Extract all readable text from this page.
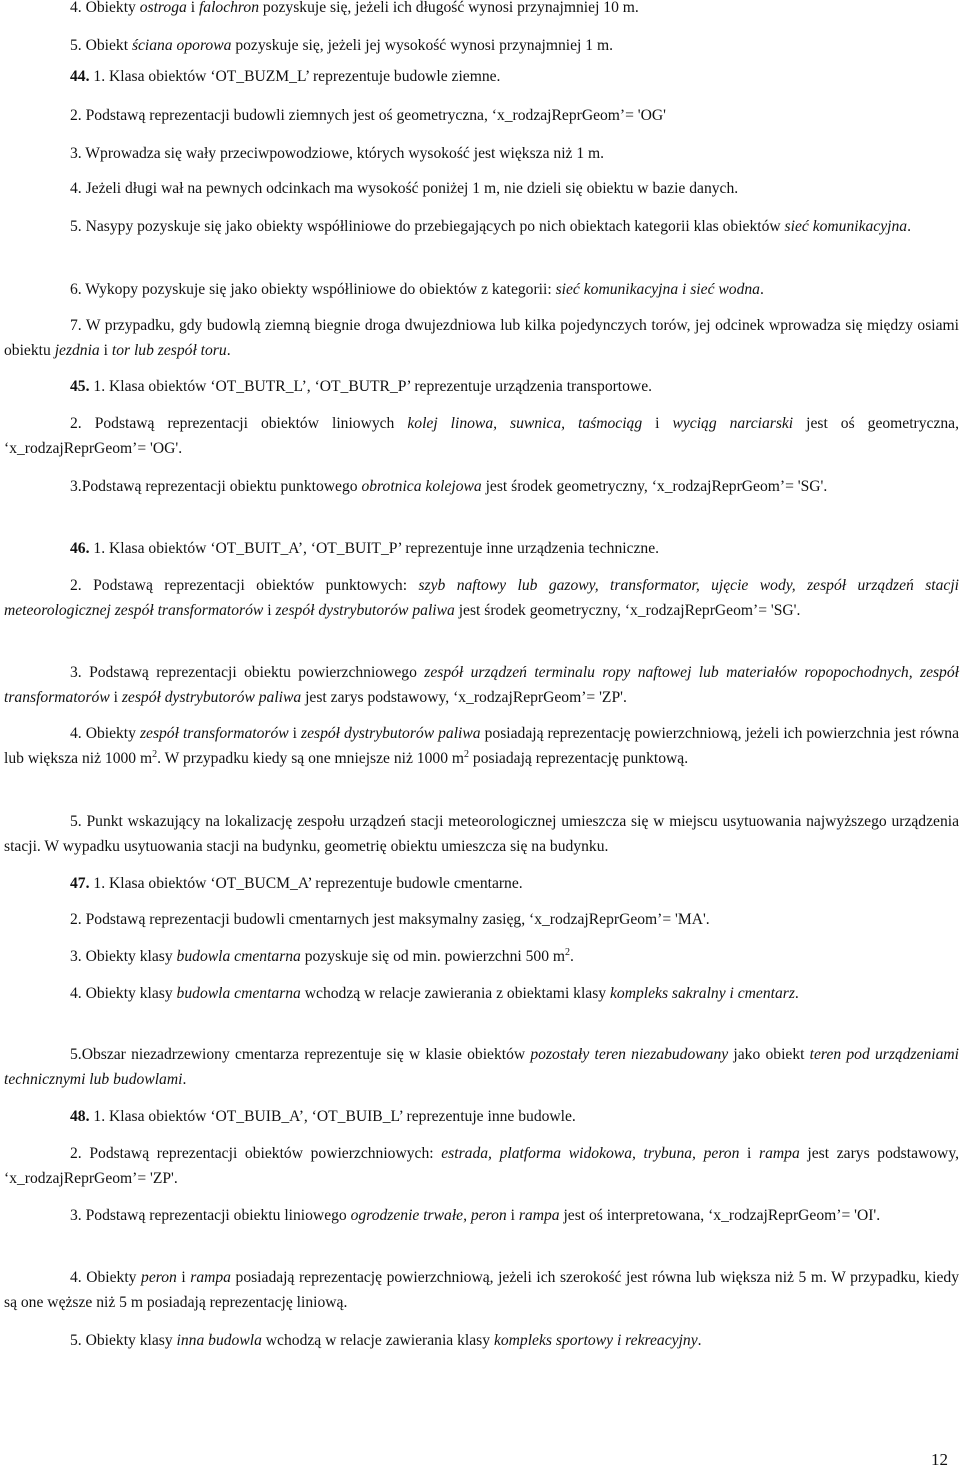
4. Obiekty ostroga i falochron pozyskuje się, jeżeli ich długość wynosi przynajmniej 10 m.

5. Obiekt ściana oporowa pozyskuje się, jeżeli jej wysokość wynosi przynajmniej 1 m.

44. 1. Klasa obiektów ‘OT_BUZM_L’ reprezentuje budowle ziemne.

2. Podstawą reprezentacji budowli ziemnych jest oś geometryczna, ‘x_rodzajReprGeom’= 'OG'

3. Wprowadza się wały przeciwpowodziowe, których wysokość jest większa niż 1 m.

4. Jeżeli długi wał na pewnych odcinkach ma wysokość poniżej 1 m, nie dzieli się obiektu w bazie danych.

5. Nasypy pozyskuje się jako obiekty współliniowe do przebiegających po nich obiektach kategorii klas obiektów sieć komunikacyjna.

6. Wykopy pozyskuje się jako obiekty współliniowe do obiektów z kategorii: sieć komunikacyjna i sieć wodna.

7. W przypadku, gdy budowlą ziemną biegnie droga dwujezdniowa lub kilka pojedynczych torów, jej odcinek wprowadza się między osiami obiektu jezdnia i tor lub zespół toru.

45. 1. Klasa obiektów ‘OT_BUTR_L’, ‘OT_BUTR_P’ reprezentuje urządzenia transportowe.

2. Podstawą reprezentacji obiektów liniowych kolej linowa, suwnica, taśmociąg i wyciąg narciarski jest oś geometryczna, ‘x_rodzajReprGeom’= 'OG'.

3.Podstawą reprezentacji obiektu punktowego obrotnica kolejowa jest środek geometryczny, ‘x_rodzajReprGeom’= 'SG'.

46. 1. Klasa obiektów ‘OT_BUIT_A’, ‘OT_BUIT_P’ reprezentuje inne urządzenia techniczne.

2. Podstawą reprezentacji obiektów punktowych: szyb naftowy lub gazowy, transformator, ujęcie wody, zespół urządzeń stacji meteorologicznej zespół transformatorów i zespół dystrybutorów paliwa jest środek geometryczny, ‘x_rodzajReprGeom’= 'SG'.

3. Podstawą reprezentacji obiektu powierzchniowego zespół urządzeń terminalu ropy naftowej lub materiałów ropopochodnych, zespół transformatorów i zespół dystrybutorów paliwa jest zarys podstawowy, ‘x_rodzajReprGeom’= 'ZP'.

4. Obiekty zespół transformatorów i zespół dystrybutorów paliwa posiadają reprezentację powierzchniową, jeżeli ich powierzchnia jest równa lub większa niż 1000 $m^2$. W przypadku kiedy są one mniejsze niż 1000 $m^2$ posiadają reprezentację punktową.

5. Punkt wskazujący na lokalizację zespołu urządzeń stacji meteorologicznej umieszcza się w miejscu usytuowania najwyższego urządzenia stacji. W wypadku usytuowania stacji na budynku, geometrię obiektu umieszcza się na budynku.

47. 1. Klasa obiektów ‘OT_BUCM_A’ reprezentuje budowle cmentarne.

2. Podstawą reprezentacji budowli cmentarnych jest maksymalny zasięg, ‘x_rodzajReprGeom’= 'MA'.

3. Obiekty klasy budowla cmentarna pozyskuje się od min. powierzchni 500 $m^2$.

4. Obiekty klasy budowla cmentarna wchodzą w relacje zawierania z obiektami klasy kompleks sakralny i cmentarz.

5.Obszar niezadrzewiony cmentarza reprezentuje się w klasie obiektów pozostały teren niezabudowany jako obiekt teren pod urządzeniami technicznymi lub budowlami.

48. 1. Klasa obiektów ‘OT_BUIB_A’, ‘OT_BUIB_L’ reprezentuje inne budowle.

2. Podstawą reprezentacji obiektów powierzchniowych: estrada, platforma widokowa, trybuna, peron i rampa jest zarys podstawowy, ‘x_rodzajReprGeom’= 'ZP'.

3. Podstawą reprezentacji obiektu liniowego ogrodzenie trwałe, peron i rampa jest oś interpretowana, ‘x_rodzajReprGeom’= 'OI'.

4. Obiekty peron i rampa posiadają reprezentację powierzchniową, jeżeli ich szerokość jest równa lub większa niż 5 m. W przypadku, kiedy są one węższe niż 5 m posiadają reprezentację liniową.

5. Obiekty klasy inna budowla wchodzą w relacje zawierania klasy kompleks sportowy i rekreacyjny.

12
